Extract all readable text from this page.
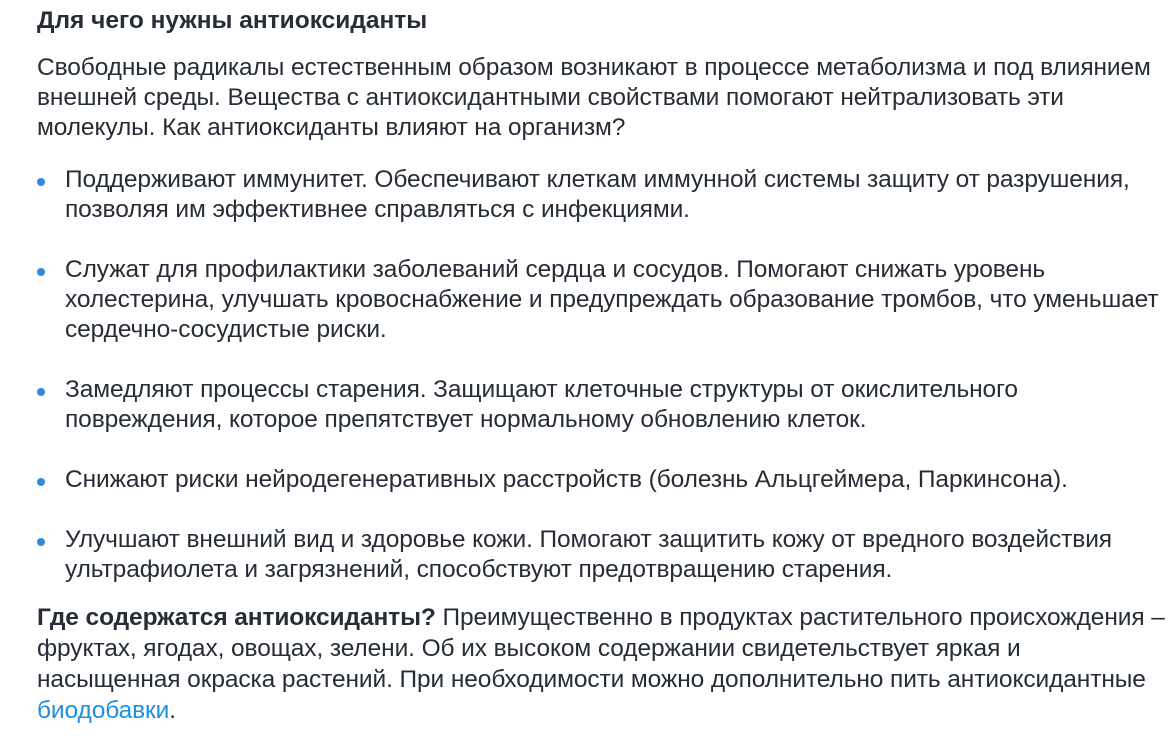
Для чего нужны антиоксиданты

Свободные радикалы естественным образом возникают в процессе метаболизма и под влиянием внешней среды. Вещества с антиоксидантными свойствами помогают нейтрализовать эти молекулы. Как антиоксиданты влияют на организм?

Поддерживают иммунитет. Обеспечивают клеткам иммунной системы защиту от разрушения, позволяя им эффективнее справляться с инфекциями.
Служат для профилактики заболеваний сердца и сосудов. Помогают снижать уровень холестерина, улучшать кровоснабжение и предупреждать образование тромбов, что уменьшает сердечно-сосудистые риски.
Замедляют процессы старения. Защищают клеточные структуры от окислительного повреждения, которое препятствует нормальному обновлению клеток.
Снижают риски нейродегенеративных расстройств (болезнь Альцгеймера, Паркинсона).
Улучшают внешний вид и здоровье кожи. Помогают защитить кожу от вредного воздействия ультрафиолета и загрязнений, способствуют предотвращению старения.

Где содержатся антиоксиданты? Преимущественно в продуктах растительного происхождения – фруктах, ягодах, овощах, зелени. Об их высоком содержании свидетельствует яркая и насыщенная окраска растений. При необходимости можно дополнительно пить антиоксидантные биодобавки.
